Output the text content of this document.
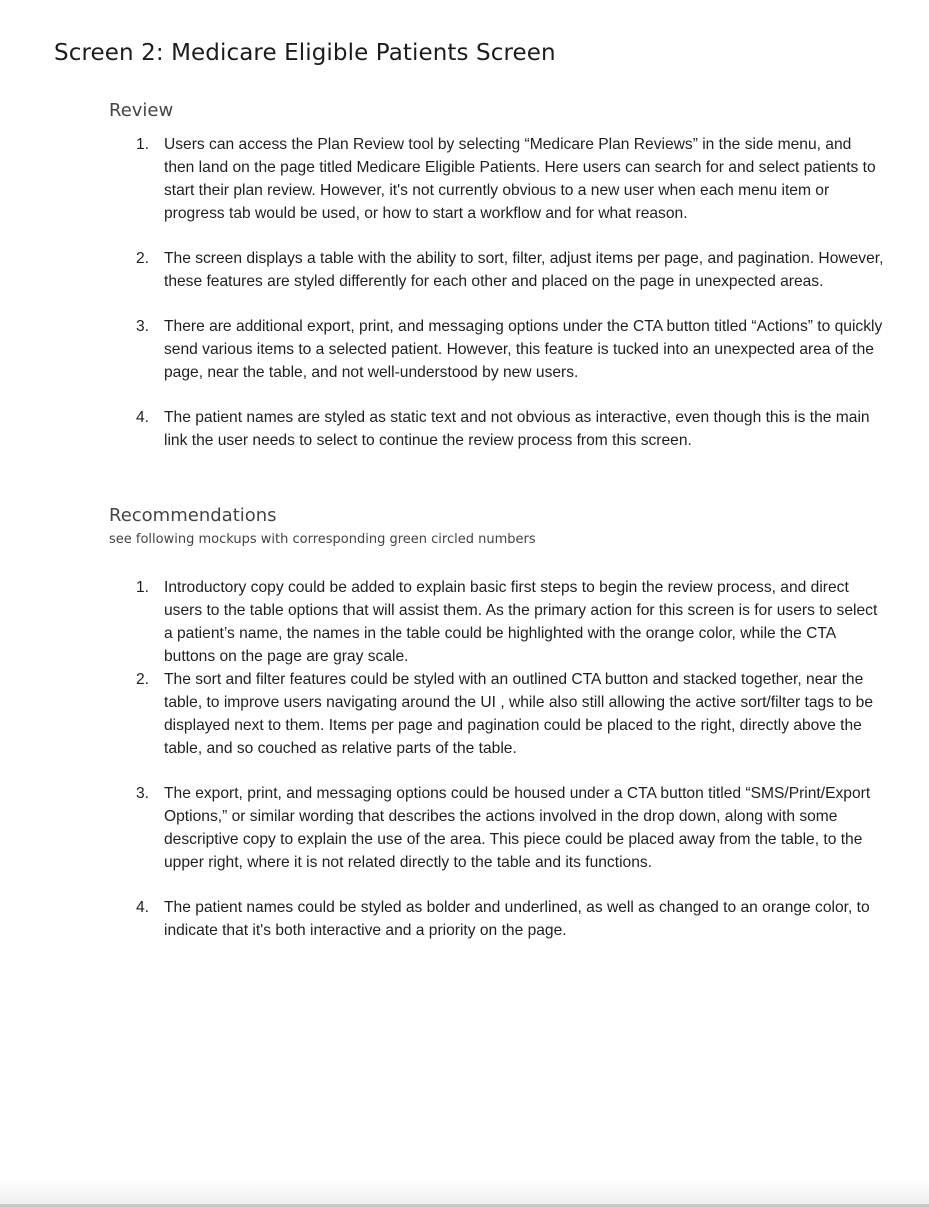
Screen 2: Medicare Eligible Patients Screen
Review
1. Users can access the Plan Review tool by selecting “Medicare Plan Reviews” in the side menu, and then land on the page titled Medicare Eligible Patients. Here users can search for and select patients to start their plan review. However, it's not currently obvious to a new user when each menu item or progress tab would be used, or how to start a workflow and for what reason.
2. The screen displays a table with the ability to sort, filter, adjust items per page, and pagination. However, these features are styled differently for each other and placed on the page in unexpected areas.
3. There are additional export, print, and messaging options under the CTA button titled “Actions” to quickly send various items to a selected patient. However, this feature is tucked into an unexpected area of the page, near the table, and not well-understood by new users.
4. The patient names are styled as static text and not obvious as interactive, even though this is the main link the user needs to select to continue the review process from this screen.
Recommendations

see following mockups with corresponding green circled numbers

1. Introductory copy could be added to explain basic first steps to begin the review process, and direct users to the table options that will assist them. As the primary action for this screen is for users to select a patient’s name, the names in the table could be highlighted with the orange color, while the CTA buttons on the page are gray scale.
2. The sort and filter features could be styled with an outlined CTA button and stacked together, near the table, to improve users navigating around the UI , while also still allowing the active sort/filter tags to be displayed next to them. Items per page and pagination could be placed to the right, directly above the table, and so couched as relative parts of the table.
3. The export, print, and messaging options could be housed under a CTA button titled “SMS/Print/Export Options,” or similar wording that describes the actions involved in the drop down, along with some descriptive copy to explain the use of the area. This piece could be placed away from the table, to the upper right, where it is not related directly to the table and its functions.
4. The patient names could be styled as bolder and underlined, as well as changed to an orange color, to indicate that it's both interactive and a priority on the page.
